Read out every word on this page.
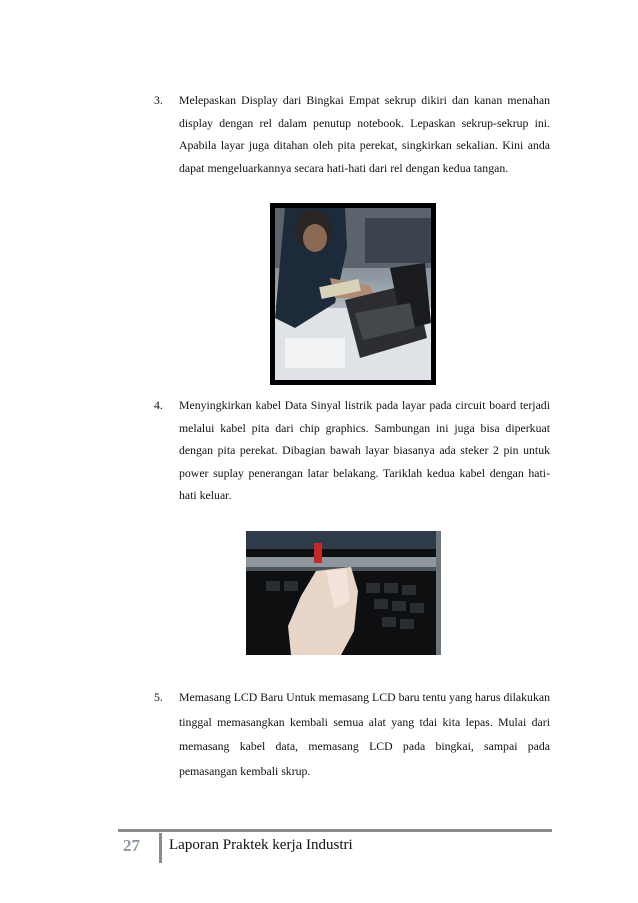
3.	Melepaskan Display dari Bingkai Empat sekrup dikiri dan kanan menahan display dengan rel dalam penutup notebook. Lepaskan sekrup-sekrup ini. Apabila layar juga ditahan oleh pita perekat, singkirkan sekalian. Kini anda dapat mengeluarkannya secara hati-hati dari rel dengan kedua tangan.
4.	Menyingkirkan kabel Data Sinyal listrik pada layar pada circuit board terjadi melalui kabel pita dari chip graphics. Sambungan ini juga bisa diperkuat dengan pita perekat. Dibagian bawah layar biasanya ada steker 2 pin untuk power suplay penerangan latar belakang. Tariklah kedua kabel dengan hati-hati keluar.
5.	Memasang LCD Baru Untuk memasang LCD baru tentu yang harus dilakukan tinggal memasangkan kembali semua alat yang tdai kita lepas. Mulai dari memasang kabel data, memasang LCD pada bingkai, sampai pada pemasangan kembali skrup.
27	Laporan Praktek kerja Industri
